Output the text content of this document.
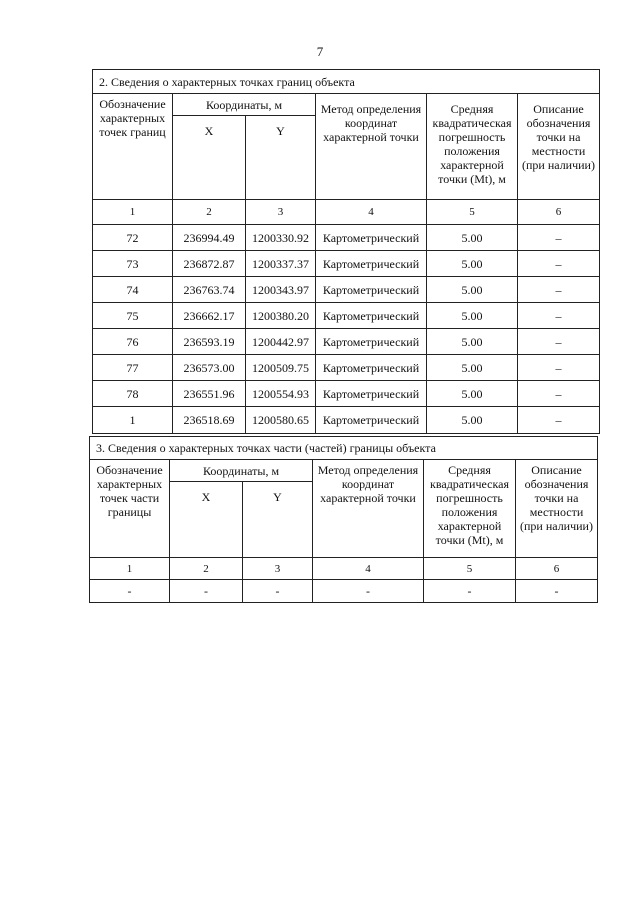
7
2. Сведения о характерных точках границ объекта					
Обозначение характерных точек границ	Координаты, м		Метод определения координат характерной точки	Средняя квадратическая погрешность положения характерной точки (Mt), м	Описание обозначения точки на местности (при наличии)
	X	Y			
1	2	3	4	5	6
72	236994.49	1200330.92	Картометрический	5.00	–
73	236872.87	1200337.37	Картометрический	5.00	–
74	236763.74	1200343.97	Картометрический	5.00	–
75	236662.17	1200380.20	Картометрический	5.00	–
76	236593.19	1200442.97	Картометрический	5.00	–
77	236573.00	1200509.75	Картометрический	5.00	–
78	236551.96	1200554.93	Картометрический	5.00	–
1	236518.69	1200580.65	Картометрический	5.00	–
3. Сведения о характерных точках части (частей) границы объекта					
Обозначение характерных точек части границы	Координаты, м		Метод определения координат характерной точки	Средняя квадратическая погрешность положения характерной точки (Mt), м	Описание обозначения точки на местности (при наличии)
	X	Y			
1	2	3	4	5	6
-	-	-	-	-	-
